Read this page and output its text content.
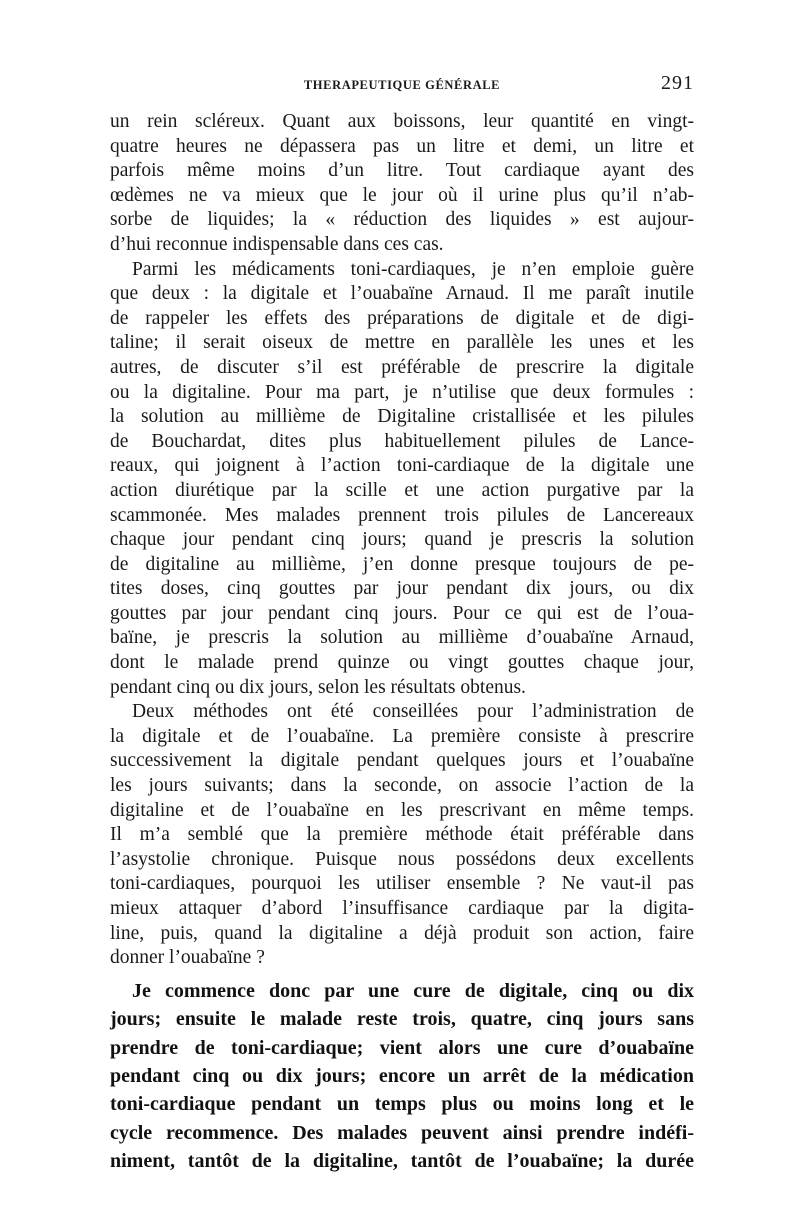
THERAPEUTIQUE GÉNÉRALE	291
un rein scléreux. Quant aux boissons, leur quantité en vingt-
quatre heures ne dépassera pas un litre et demi, un litre et
parfois même moins d’un litre. Tout cardiaque ayant des
œdèmes ne va mieux que le jour où il urine plus qu’il n’ab-
sorbe de liquides; la « réduction des liquides » est aujour-
d’hui reconnue indispensable dans ces cas.
Parmi les médicaments toni-cardiaques, je n’en emploie guère
que deux : la digitale et l’ouabaïne Arnaud. Il me paraît inutile
de rappeler les effets des préparations de digitale et de digi-
taline; il serait oiseux de mettre en parallèle les unes et les
autres, de discuter s’il est préférable de prescrire la digitale
ou la digitaline. Pour ma part, je n’utilise que deux formules :
la solution au millième de Digitaline cristallisée et les pilules
de Bouchardat, dites plus habituellement pilules de Lance-
reaux, qui joignent à l’action toni-cardiaque de la digitale une
action diurétique par la scille et une action purgative par la
scammonée. Mes malades prennent trois pilules de Lancereaux
chaque jour pendant cinq jours; quand je prescris la solution
de digitaline au millième, j’en donne presque toujours de pe-
tites doses, cinq gouttes par jour pendant dix jours, ou dix
gouttes par jour pendant cinq jours. Pour ce qui est de l’oua-
baïne, je prescris la solution au millième d’ouabaïne Arnaud,
dont le malade prend quinze ou vingt gouttes chaque jour,
pendant cinq ou dix jours, selon les résultats obtenus.
Deux méthodes ont été conseillées pour l’administration de
la digitale et de l’ouabaïne. La première consiste à prescrire
successivement la digitale pendant quelques jours et l’ouabaïne
les jours suivants; dans la seconde, on associe l’action de la
digitaline et de l’ouabaïne en les prescrivant en même temps.
Il m’a semblé que la première méthode était préférable dans
l’asystolie chronique. Puisque nous possédons deux excellents
toni-cardiaques, pourquoi les utiliser ensemble ? Ne vaut-il pas
mieux attaquer d’abord l’insuffisance cardiaque par la digita-
line, puis, quand la digitaline a déjà produit son action, faire
donner l’ouabaïne ?
Je commence donc par une cure de digitale, cinq ou dix
jours; ensuite le malade reste trois, quatre, cinq jours sans
prendre de toni-cardiaque; vient alors une cure d’ouabaïne
pendant cinq ou dix jours; encore un arrêt de la médication
toni-cardiaque pendant un temps plus ou moins long et le
cycle recommence. Des malades peuvent ainsi prendre indéfi-
niment, tantôt de la digitaline, tantôt de l’ouabaïne; la durée
